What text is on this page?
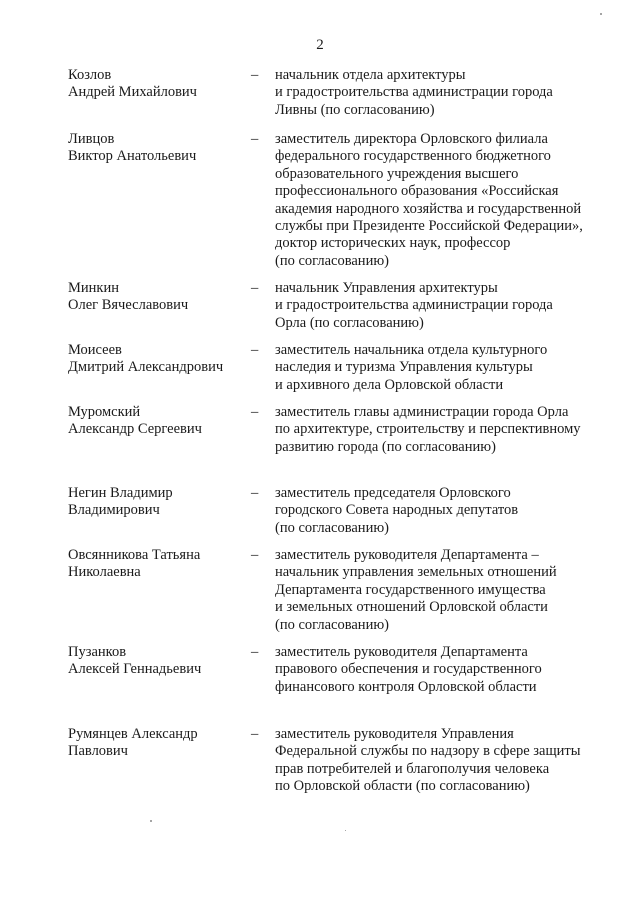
2
Козлов
Андрей Михайлович
– начальник отдела архитектуры
и градостроительства администрации города
Ливны (по согласованию)
Ливцов
Виктор Анатольевич
– заместитель директора Орловского филиала
федерального государственного бюджетного
образовательного учреждения высшего
профессионального образования «Российская
академия народного хозяйства и государственной
службы при Президенте Российской Федерации»,
доктор исторических наук, профессор
(по согласованию)
Минкин
Олег Вячеславович
– начальник Управления архитектуры
и градостроительства администрации города
Орла (по согласованию)
Моисеев
Дмитрий Александрович
– заместитель начальника отдела культурного
наследия и туризма Управления культуры
и архивного дела Орловской области
Муромский
Александр Сергеевич
– заместитель главы администрации города Орла
по архитектуре, строительству и перспективному
развитию города (по согласованию)
Негин Владимир
Владимирович
– заместитель председателя Орловского
городского Совета народных депутатов
(по согласованию)
Овсянникова Татьяна
Николаевна
– заместитель руководителя Департамента –
начальник управления земельных отношений
Департамента государственного имущества
и земельных отношений Орловской области
(по согласованию)
Пузанков
Алексей Геннадьевич
– заместитель руководителя Департамента
правового обеспечения и государственного
финансового контроля Орловской области
Румянцев Александр
Павлович
– заместитель руководителя Управления
Федеральной службы по надзору в сфере защиты
прав потребителей и благополучия человека
по Орловской области (по согласованию)
